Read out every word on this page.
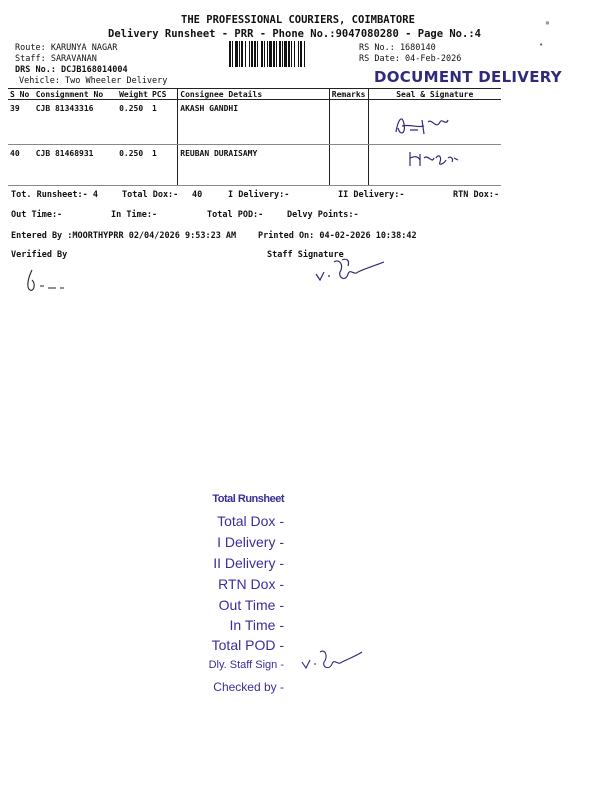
THE PROFESSIONAL COURIERS, COIMBATORE
Delivery Runsheet - PRR - Phone No.:9047080280 - Page No.:4
▪
Route: KARUNYA NAGAR
Staff: SARAVANAN
DRS No.: DCJB168014004
Vehicle: Two Wheeler Delivery
RS No.: 1680140
RS Date: 04-Feb-2026
DOCUMENT DELIVERY
•
S No	Consignment No	Weight	PCS	Consignee Details	Remarks	Seal & Signature
39	CJB 81343316	0.250	1	AKASH GANDHI		
40	CJB 81468931	0.250	1	REUBAN DURAISAMY		
Tot. Runsheet:- 4	Total Dox:- 40	I Delivery:-	II Delivery:-	RTN Dox:-
Out Time:-	In Time:-	Total POD:-	Delvy Points:-
Entered By :MOORTHYPRR 02/04/2026 9:53:23 AM	Printed On: 04-02-2026 10:38:42
Verified By	Staff Signature
Total Runsheet
Total Dox -
I Delivery -
II Delivery -
RTN Dox -
Out Time -
In Time -
Total POD -
Dly. Staff Sign -
Checked by -
